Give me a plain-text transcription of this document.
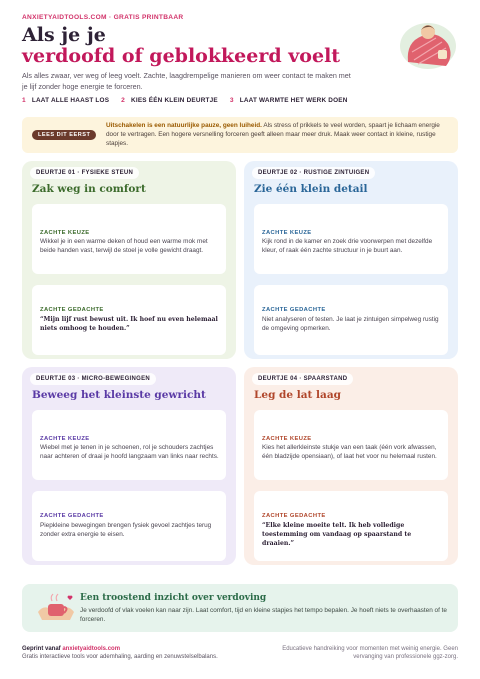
ANXIETYAIDTOOLS.COM · GRATIS PRINTBAAR
Als je je
verdoofd of geblokkeerd voelt

Als alles zwaar, ver weg of leeg voelt. Zachte, laagdrempelige manieren om weer contact te maken met je lijf zonder hoge energie te forceren.

1 LAAT ALLE HAAST LOS 2 KIES ÉÉN KLEIN DEURTJE 3 LAAT WARMTE HET WERK DOEN
LEES DIT EERST

Uitschakelen is een natuurlijke pauze, geen luiheid. Als stress of prikkels te veel worden, spaart je lichaam energie door te vertragen. Een hogere versnelling forceren geeft alleen maar meer druk. Maak weer contact in kleine, rustige stapjes.

DEURTJE 01 · FYSIEKE STEUN
Zak weg in comfort
ZACHTE KEUZE
Wikkel je in een warme deken of houd een warme mok met beide handen vast, terwijl de stoel je volle gewicht draagt.
ZACHTE GEDACHTE
“Mijn lijf rust bewust uit. Ik hoef nu even helemaal niets omhoog te houden.”
DEURTJE 02 · RUSTIGE ZINTUIGEN
Zie één klein detail
ZACHTE KEUZE
Kijk rond in de kamer en zoek drie voorwerpen met dezelfde kleur, of raak één zachte structuur in je buurt aan.
ZACHTE GEDACHTE
Niet analyseren of testen. Je laat je zintuigen simpelweg rustig de omgeving opmerken.
DEURTJE 03 · MICRO-BEWEGINGEN
Beweeg het kleinste gewricht
ZACHTE KEUZE
Wiebel met je tenen in je schoenen, rol je schouders zachtjes naar achteren of draai je hoofd langzaam van links naar rechts.
ZACHTE GEDACHTE
Piepkleine bewegingen brengen fysiek gevoel zachtjes terug zonder extra energie te eisen.
DEURTJE 04 · SPAARSTAND
Leg de lat laag
ZACHTE KEUZE
Kies het allerkleinste stukje van een taak (één vork afwassen, één bladzijde opensiaan), of laat het voor nu helemaal rusten.
ZACHTE GEDACHTE
“Elke kleine moeite telt. Ik heb volledige toestemming om vandaag op spaarstand te draaien.”
Een troostend inzicht over verdoving

Je verdoofd of vlak voelen kan naar zijn. Laat comfort, tijd en kleine stapjes het tempo bepalen. Je hoeft niets te overhaasten of te forceren.

Geprint vanaf anxietyaidtools.com
Gratis interactieve tools voor ademhaling, aarding en zenuwstelselbalans.
Educatieve handreiking voor momenten met weinig energie. Geen vervanging van professionele ggz-zorg.
